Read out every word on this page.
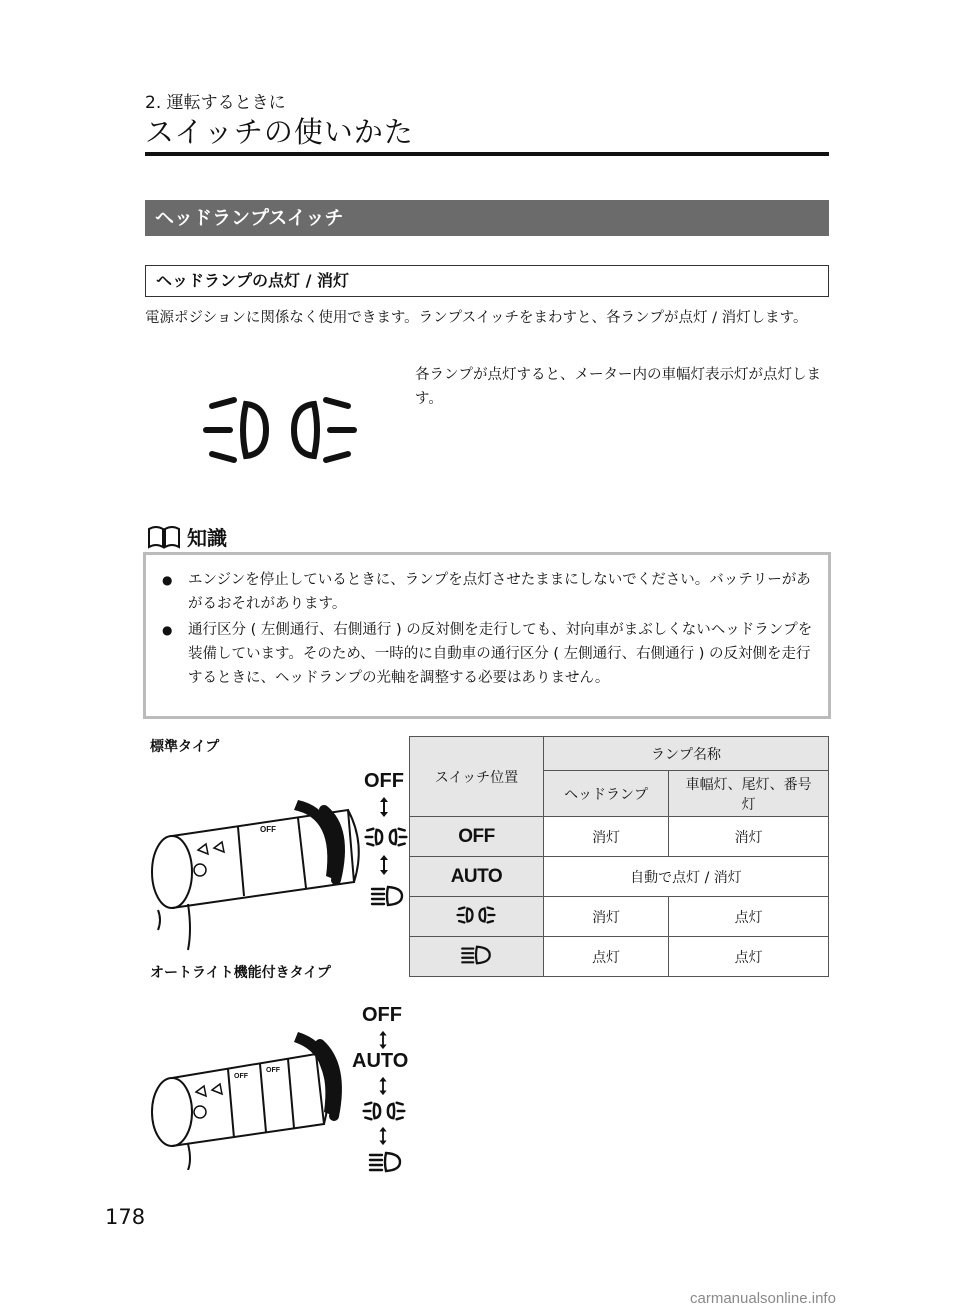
2. 運転するときに
スイッチの使いかた
ヘッドランプスイッチ
ヘッドランプの点灯 / 消灯
電源ポジションに関係なく使用できます。ランプスイッチをまわすと、各ランプが点灯 / 消灯します。
各ランプが点灯すると、メーター内の車幅灯表示灯が点灯します。
知識
●	エンジンを停止しているときに、ランプを点灯させたままにしないでください。バッテリーがあがるおそれがあります。
●	通行区分 ( 左側通行、右側通行 ) の反対側を走行しても、対向車がまぶしくないヘッドランプを装備しています。そのため、一時的に自動車の通行区分 ( 左側通行、右側通行 ) の反対側を走行するときに、ヘッドランプの光軸を調整する必要はありません。
標準タイプ
オートライト機能付きタイプ
OFF
OFF スイッチ位置	ランプ名称	
	ヘッドランプ	車幅灯、尾灯、番号灯
OFF	消灯	消灯
AUTO	自動で点灯 / 消灯	
	消灯	点灯
	点灯	点灯
OFF
OFF
OFF
AUTO
178
carmanualsonline.info
